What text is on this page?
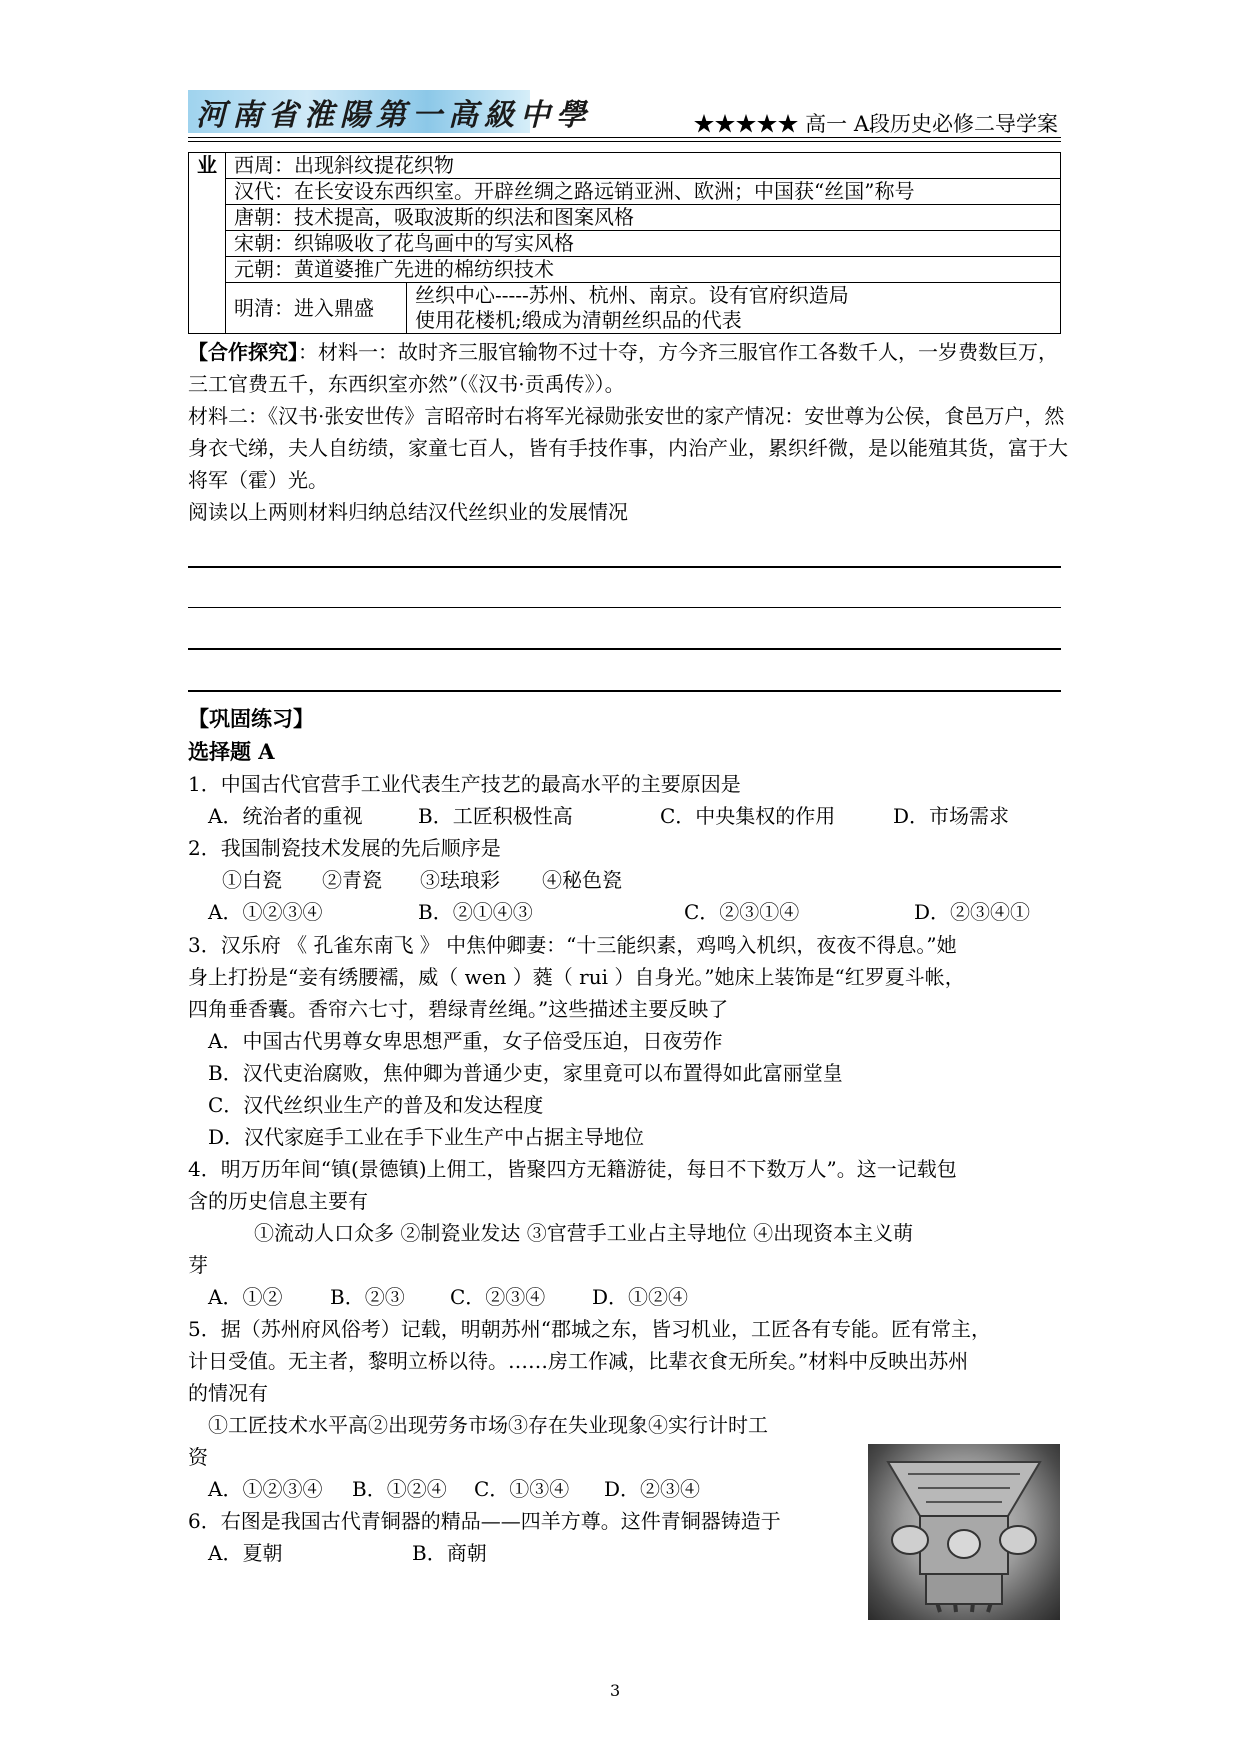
河南省淮陽第一高級中學	★★★★★ 高一 A段历史必修二导学案
业	西周：出现斜纹提花织物	
	汉代：在长安设东西织室。开辟丝绸之路远销亚洲、欧洲；中国获“丝国”称号	
	唐朝：技术提高，吸取波斯的织法和图案风格	
	宋朝：织锦吸收了花鸟画中的写实风格	
	元朝：黄道婆推广先进的棉纺织技术	
	明清：进入鼎盛	丝织中心-----苏州、杭州、南京。设有官府织造局
使用花楼机;缎成为清朝丝织品的代表
【合作探究】：材料一：故时齐三服官输物不过十夺，方今齐三服官作工各数千人，一岁费数巨万，三工官费五千，东西织室亦然”（《汉书·贡禹传》）。
材料二：《汉书·张安世传》言昭帝时右将军光禄勋张安世的家产情况：安世尊为公侯，食邑万户，然身衣弋绨，夫人自纺绩，家童七百人，皆有手技作事，内治产业，累织纤微，是以能殖其货，富于大将军（霍）光。
阅读以上两则材料归纳总结汉代丝织业的发展情况
【巩固练习】
选择题 A
1．中国古代官营手工业代表生产技艺的最高水平的主要原因是
A．统治者的重视	B．工匠积极性高	C．中央集权的作用	D．市场需求
2．我国制瓷技术发展的先后顺序是
①白瓷 ②青瓷 ③珐琅彩 ④秘色瓷
A．①②③④	B．②①④③	C．②③①④	D．②③④①
3．汉乐府 《 孔雀东南飞 》 中焦仲卿妻：“十三能织素，鸡鸣入机织，夜夜不得息。”她
身上打扮是“妾有绣腰襦，威（ wen ）蕤（ rui ）自身光。”她床上装饰是“红罗夏斗帐，
四角垂香囊。香帘六七寸，碧绿青丝绳。”这些描述主要反映了
A．中国古代男尊女卑思想严重，女子倍受压迫，日夜劳作
B．汉代吏治腐败，焦仲卿为普通少吏，家里竟可以布置得如此富丽堂皇
C．汉代丝织业生产的普及和发达程度
D．汉代家庭手工业在手下业生产中占据主导地位
4．明万历年间“镇(景德镇)上佣工，皆聚四方无籍游徒，每日不下数万人”。这一记载包
含的历史信息主要有
①流动人口众多 ②制瓷业发达 ③官营手工业占主导地位 ④出现资本主义萌
芽
A．①② B．②③ C．②③④ D．①②④
5．据（苏州府风俗考）记载，明朝苏州“郡城之东，皆习机业，工匠各有专能。匠有常主，
计日受值。无主者，黎明立桥以待。……房工作减，比辈衣食无所矣。”材料中反映出苏州
的情况有
①工匠技术水平高②出现劳务市场③存在失业现象④实行计时工
资
A．①②③④ B．①②④ C．①③④ D．②③④
6．右图是我国古代青铜器的精品——四羊方尊。这件青铜器铸造于
A．夏朝	B．商朝
3
